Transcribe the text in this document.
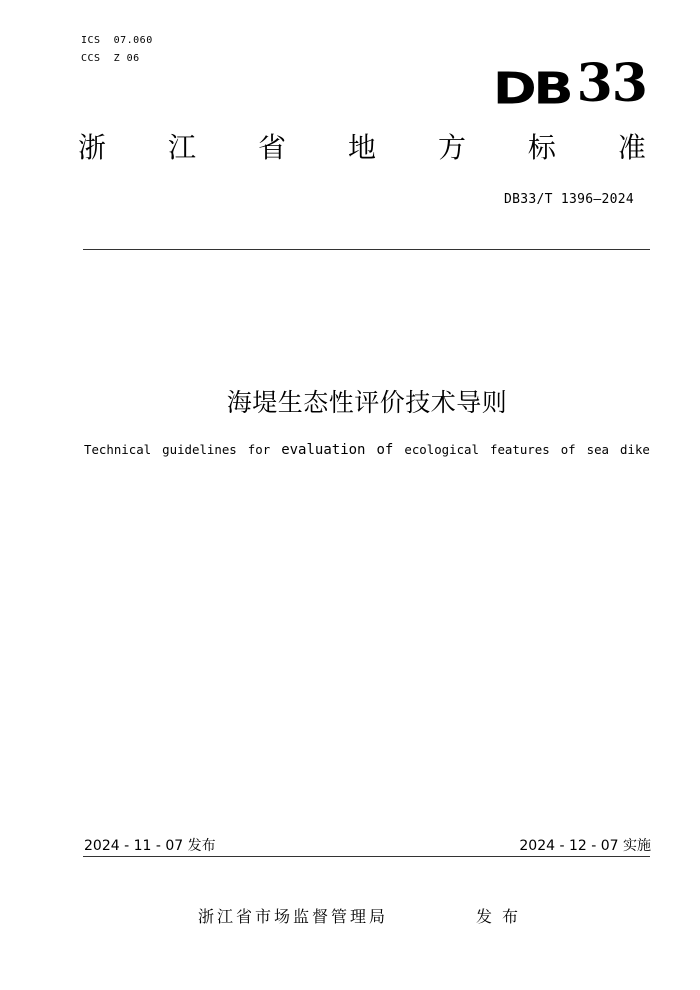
ICS  07.060
CCS  Z 06
DB 33
浙 江 省 地 方 标 准
DB33/T 1396—2024
海堤生态性评价技术导则
Technical guidelines for evaluation of ecological features of sea dike
2024 - 11 - 07 发布	2024 - 12 - 07 实施
浙江省市场监督管理局	发布
